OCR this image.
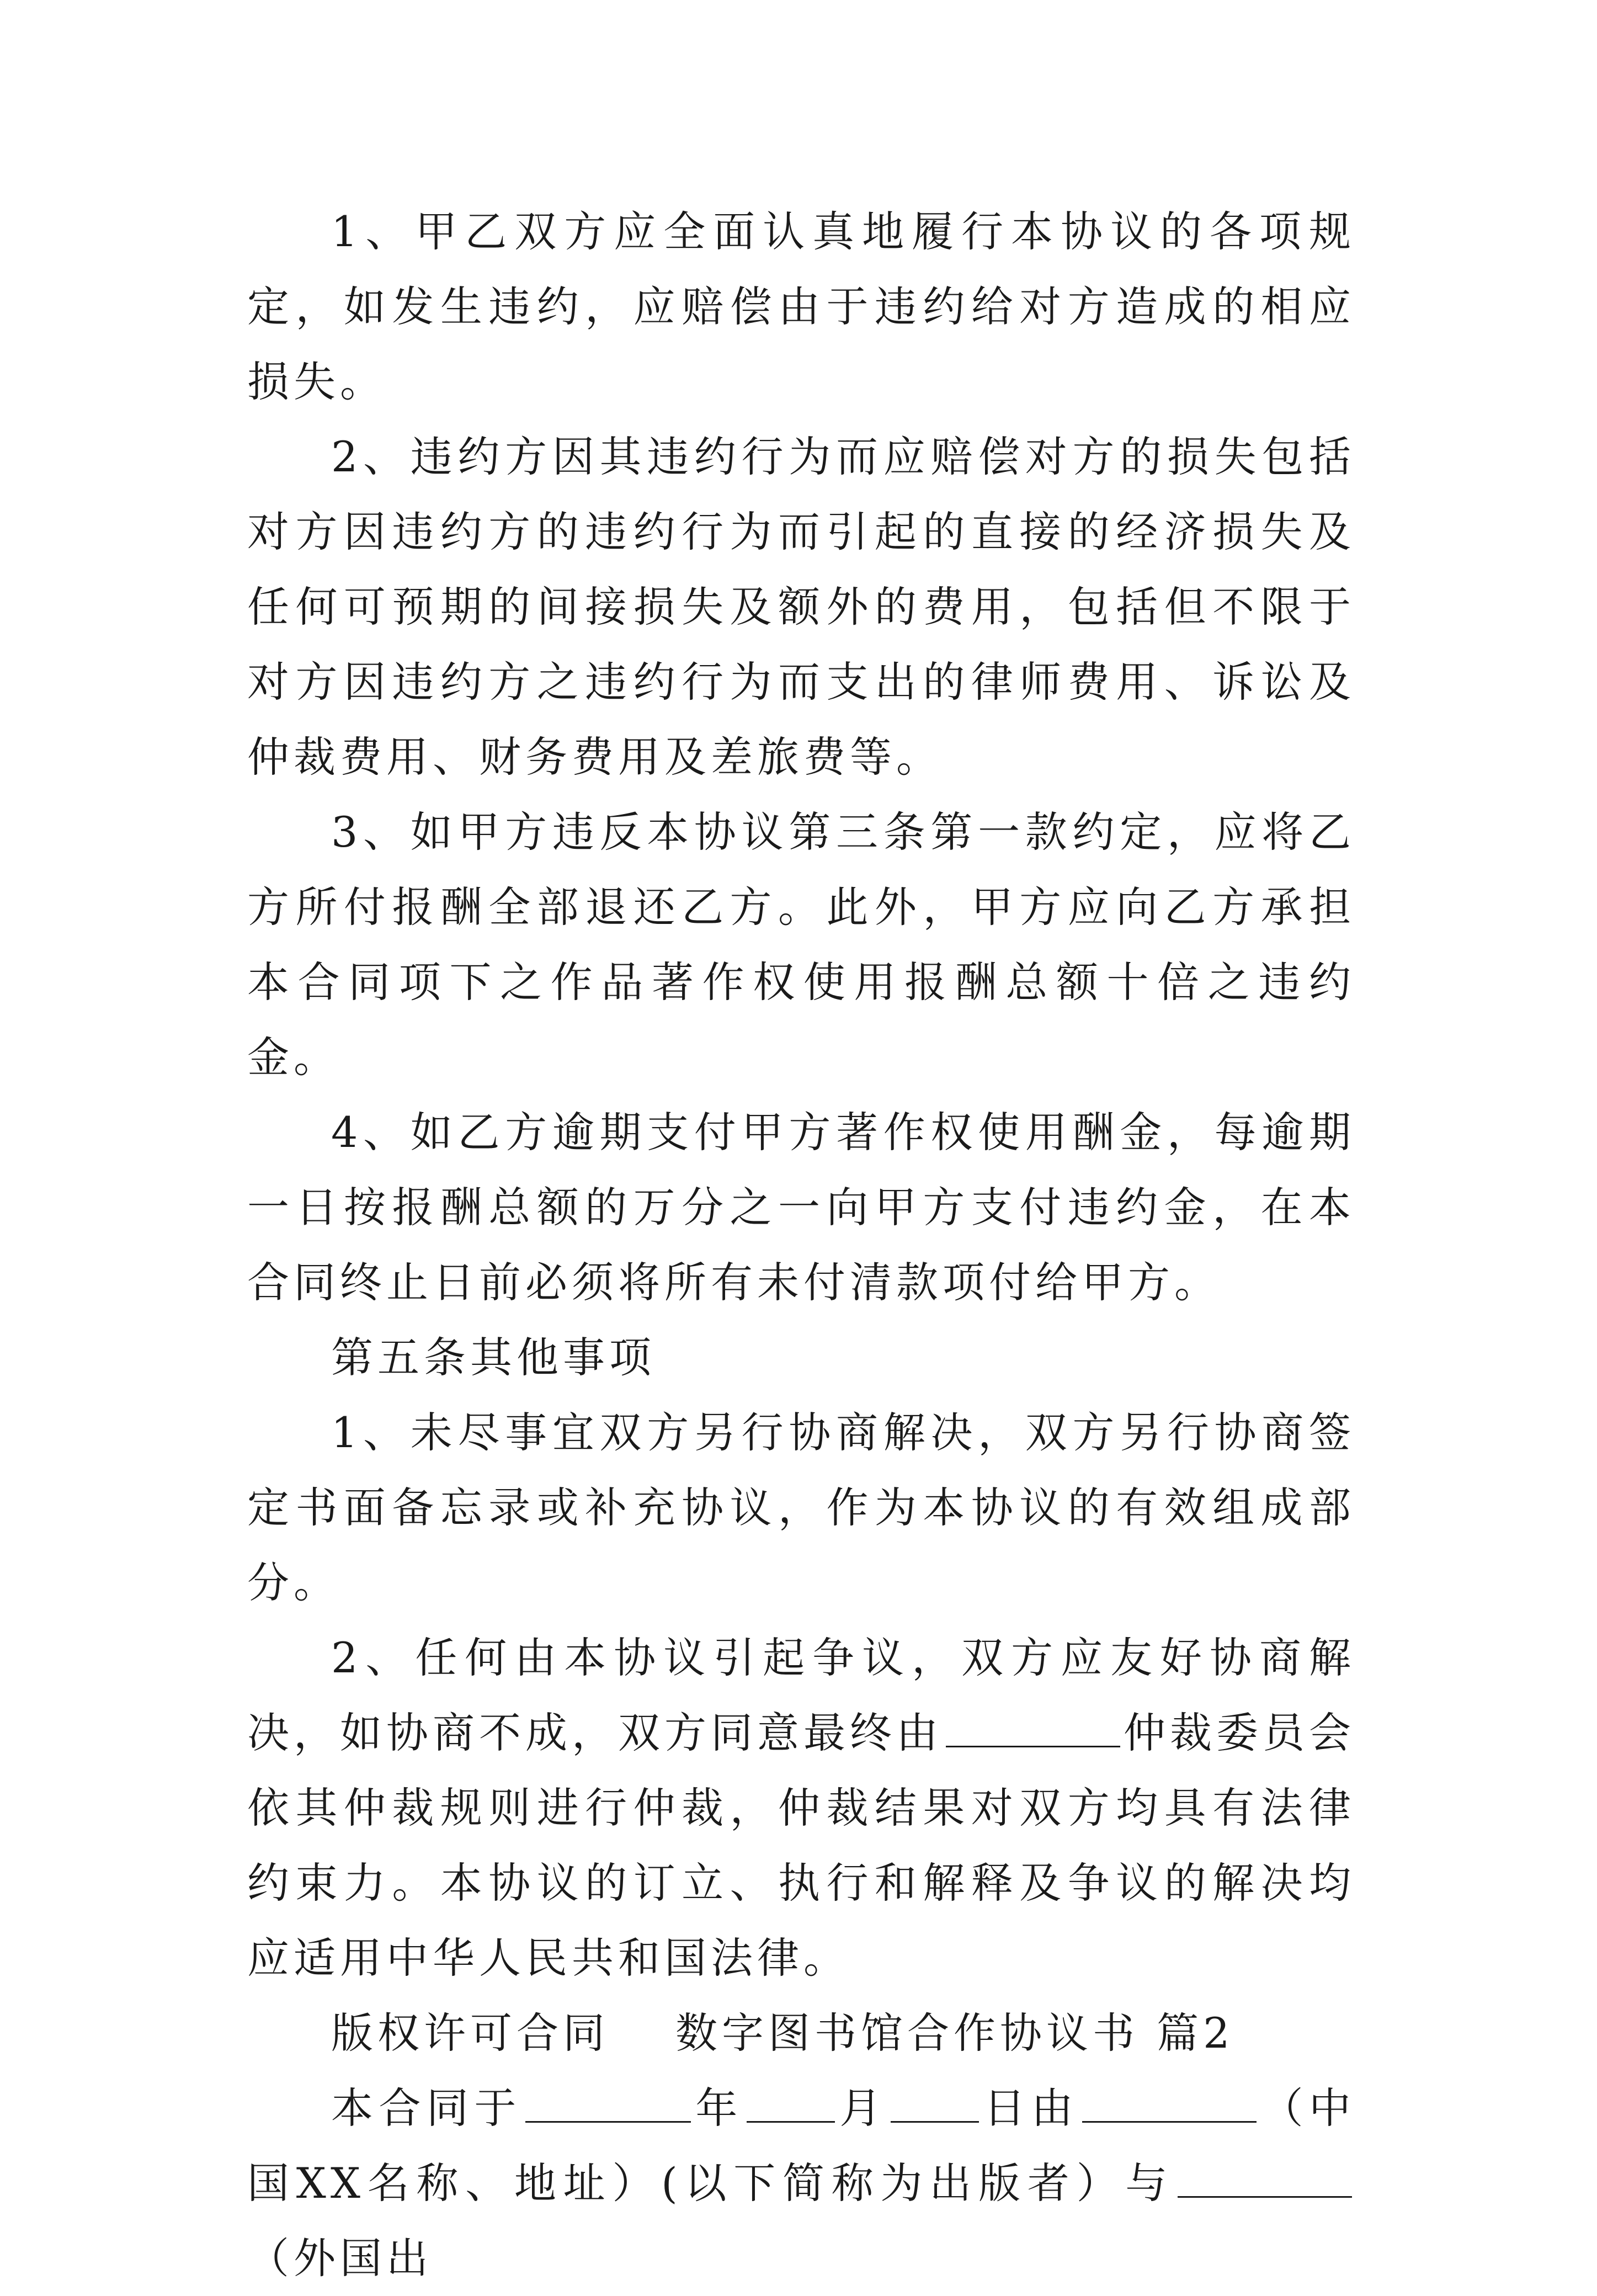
1、甲乙双方应全面认真地履行本协议的各项规定，如发生违约，应赔偿由于违约给对方造成的相应损失。

2、违约方因其违约行为而应赔偿对方的损失包括对方因违约方的违约行为而引起的直接的经济损失及任何可预期的间接损失及额外的费用，包括但不限于对方因违约方之违约行为而支出的律师费用、诉讼及仲裁费用、财务费用及差旅费等。

3、如甲方违反本协议第三条第一款约定，应将乙方所付报酬全部退还乙方。此外，甲方应向乙方承担本合同项下之作品著作权使用报酬总额十倍之违约金。

4、如乙方逾期支付甲方著作权使用酬金，每逾期一日按报酬总额的万分之一向甲方支付违约金，在本合同终止日前必须将所有未付清款项付给甲方。

第五条其他事项

1、未尽事宜双方另行协商解决，双方另行协商签定书面备忘录或补充协议，作为本协议的有效组成部分。

2、任何由本协议引起争议，双方应友好协商解决，如协商不成，双方同意最终由	仲裁委员会依其仲裁规则进行仲裁，仲裁结果对双方均具有法律约束力。本协议的订立、执行和解释及争议的解决均应适用中华人民共和国法律。

版权许可合同 数字图书馆合作协议书 篇2

本合同于	年 月 日由	（中国XX名称、地址）(以下简称为出版者）与（外国出
